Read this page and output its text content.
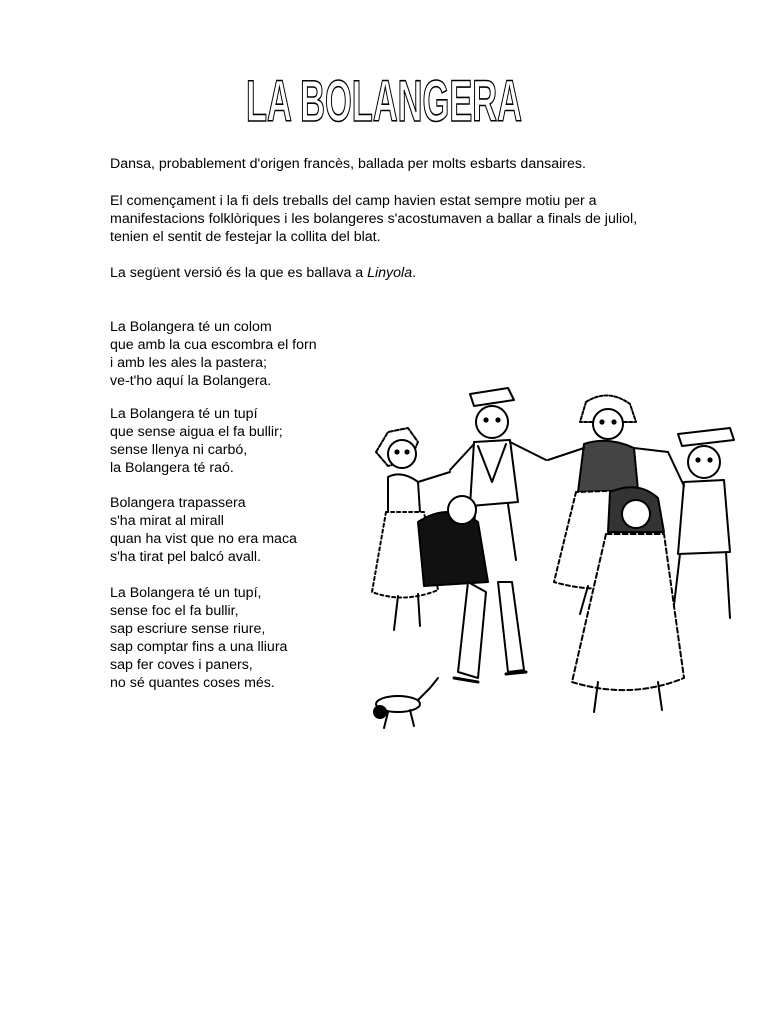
LA BOLANGERA

Dansa, probablement d'origen francès, ballada per molts esbarts dansaires.

El començament i la fi dels treballs del camp havien estat sempre motiu per a manifestacions folklòriques i les bolangeres s'acostumaven a ballar a finals de juliol, tenien el sentit de festejar la collita del blat.

La següent versió és la que es ballava a Linyola.

La Bolangera té un colom
que amb la cua escombra el forn
i amb les ales la pastera;
ve-t'ho aquí la Bolangera.
La Bolangera té un tupí
que sense aigua el fa bullir;
sense llenya ni carbó,
la Bolangera té raó.
Bolangera trapassera
s'ha mirat al mirall
quan ha vist que no era maca
s'ha tirat pel balcó avall.
La Bolangera té un tupí,
sense foc el fa bullir,
sap escriure sense riure,
sap comptar fins a una lliura
sap fer coves i paners,
no sé quantes coses més.
